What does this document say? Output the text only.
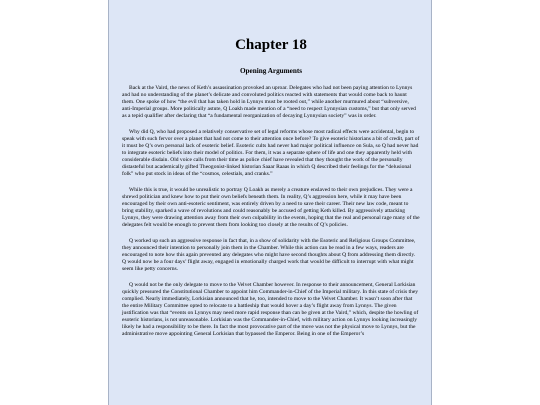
Chapter 18
Opening Arguments

Back at the Vaird, the news of Keth’s assassination provoked an uproar. Delegates who had not been paying attention to Lynnys and had no understanding of the planet’s delicate and convoluted politics reacted with statements that would come back to haunt them. One spoke of how “the evil that has taken hold in Lynnys must be rooted out,” while another murmured about “subversive, anti-Imperial groups. More politically astute, Q Loakh made mention of a “need to respect Lynnysian customs,” but that only served as a tepid qualifier after declaring that “a fundamental reorganization of decaying Lynnysian society” was in order.

Why did Q, who had proposed a relatively conservative set of legal reforms whose most radical effects were accidental, begin to speak with such fervor over a planet that had not come to their attention once before? To give esoteric historians a bit of credit, part of it must be Q’s own personal lack of esoteric belief. Esoteric cults had never had major political influence on Sula, so Q had never had to integrate esoteric beliefs into their model of politics. For them, it was a separate sphere of life and one they apparently held with considerable disdain. Old voice calls from their time as police chief have revealed that they thought the work of the personally distasteful but academically gifted Theogonist-linked historian Saaar Raaas in which Q described their feelings for the “delusional folk” who put stock in ideas of the “cosmos, celestials, and cranks.”

While this is true, it would be unrealistic to portray Q Loakh as merely a creature enslaved to their own prejudices. They were a shrewd politician and knew how to put their own beliefs beneath them. In reality, Q’s aggression here, while it may have been encouraged by their own anti-esoteric sentiment, was entirely driven by a need to save their career. Their new law code, meant to bring stability, sparked a wave of revolutions and could reasonably be accused of getting Keth killed. By aggressively attacking Lynnys, they were drawing attention away from their own culpability in the events, hoping that the real and personal rage many of the delegates felt would be enough to prevent them from looking too closely at the results of Q’s policies.

Q worked up such an aggressive response in fact that, in a show of solidarity with the Esoteric and Religious Groups Committee, they announced their intention to personally join them in the Chamber. While this action can be read in a few ways, readers are encouraged to note how this again prevented any delegates who might have second thoughts about Q from addressing them directly. Q would now be a four days’ flight away, engaged in emotionally charged work that would be difficult to interrupt with what might seem like petty concerns.

Q would not be the only delegate to move to the Velvet Chamber however. In response to their announcement, General Lorkisian quickly pressured the Constitutional Chamber to appoint him Commander-in-Chief of the Imperial military. In this state of crisis they complied. Nearly immediately, Lorkisian announced that he, too, intended to move to the Velvet Chamber. It wasn’t soon after that the entire Military Committee opted to relocate to a battleship that would hover a day’s flight away from Lynnys. The given justification was that “events on Lynnys may need more rapid response than can be given at the Vaird,” which, despite the howling of esoteric historians, is not unreasonable. Lorkisian was the Commander-in-Chief, with military action on Lynnys looking increasingly likely he had a responsibility to be there. In fact the most provocative part of the move was not the physical move to Lynnys, but the administrative move appointing General Lorkisian that bypassed the Emperor. Being in one of the Emperor’s
